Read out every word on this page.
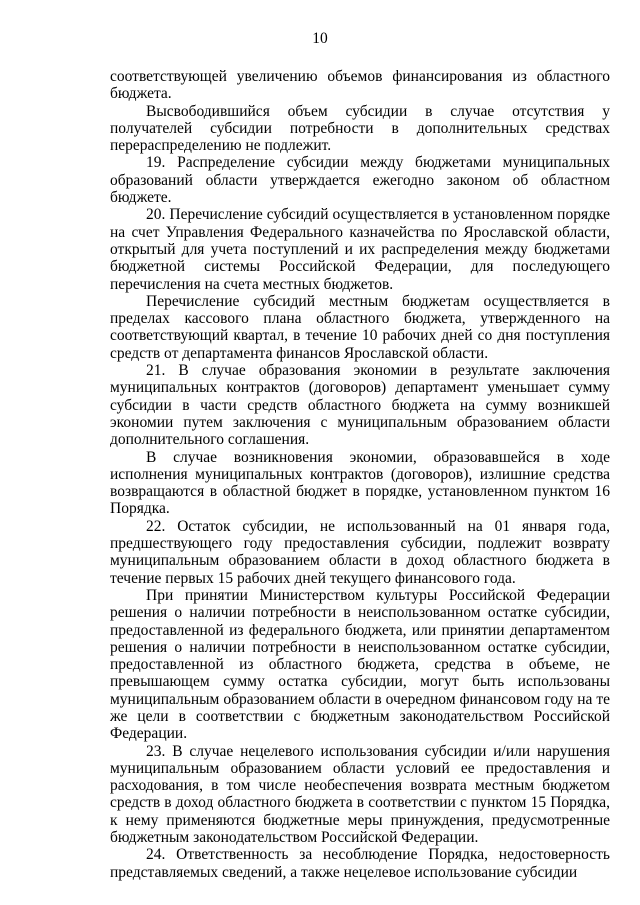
10

соответствующей увеличению объемов финансирования из областного бюджета.

Высвободившийся объем субсидии в случае отсутствия у получателей субсидии потребности в дополнительных средствах перераспределению не подлежит.

19. Распределение субсидии между бюджетами муниципальных образований области утверждается ежегодно законом об областном бюджете.

20. Перечисление субсидий осуществляется в установленном порядке на счет Управления Федерального казначейства по Ярославской области, открытый для учета поступлений и их распределения между бюджетами бюджетной системы Российской Федерации, для последующего перечисления на счета местных бюджетов.

Перечисление субсидий местным бюджетам осуществляется в пределах кассового плана областного бюджета, утвержденного на соответствующий квартал, в течение 10 рабочих дней со дня поступления средств от департамента финансов Ярославской области.

21. В случае образования экономии в результате заключения муниципальных контрактов (договоров) департамент уменьшает сумму субсидии в части средств областного бюджета на сумму возникшей экономии путем заключения с муниципальным образованием области дополнительного соглашения.

В случае возникновения экономии, образовавшейся в ходе исполнения муниципальных контрактов (договоров), излишние средства возвращаются в областной бюджет в порядке, установленном пунктом 16 Порядка.

22. Остаток субсидии, не использованный на 01 января года, предшествующего году предоставления субсидии, подлежит возврату муниципальным образованием области в доход областного бюджета в течение первых 15 рабочих дней текущего финансового года.

При принятии Министерством культуры Российской Федерации решения о наличии потребности в неиспользованном остатке субсидии, предоставленной из федерального бюджета, или принятии департаментом решения о наличии потребности в неиспользованном остатке субсидии, предоставленной из областного бюджета, средства в объеме, не превышающем сумму остатка субсидии, могут быть использованы муниципальным образованием области в очередном финансовом году на те же цели в соответствии с бюджетным законодательством Российской Федерации.

23. В случае нецелевого использования субсидии и/или нарушения муниципальным образованием области условий ее предоставления и расходования, в том числе необеспечения возврата местным бюджетом средств в доход областного бюджета в соответствии с пунктом 15 Порядка, к нему применяются бюджетные меры принуждения, предусмотренные бюджетным законодательством Российской Федерации.

24. Ответственность за несоблюдение Порядка, недостоверность представляемых сведений, а также нецелевое использование субсидии
